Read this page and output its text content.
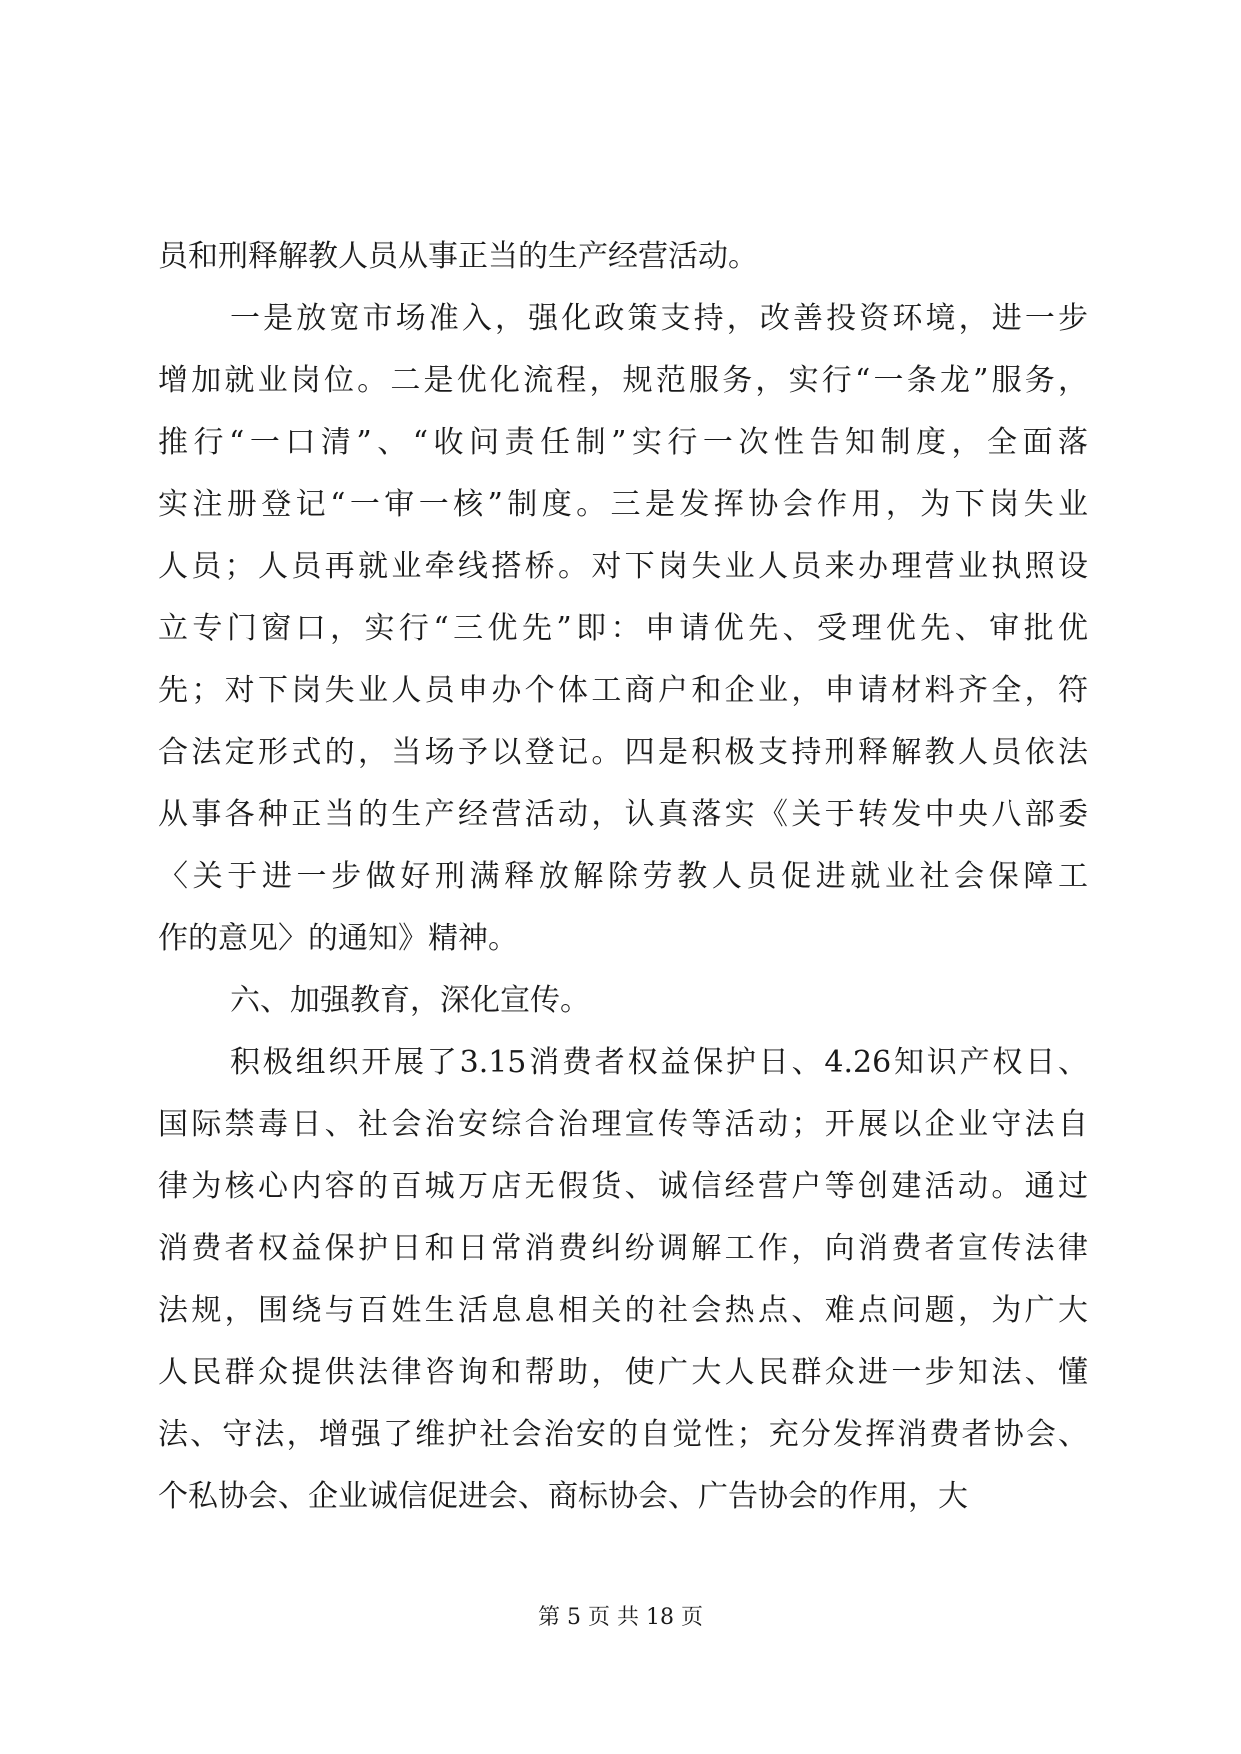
员和刑释解教人员从事正当的生产经营活动。
一是放宽市场准入，强化政策支持，改善投资环境，进一步
增加就业岗位。二是优化流程，规范服务，实行“一条龙”服务，
推行“一口清”、“收问责任制”实行一次性告知制度，全面落
实注册登记“一审一核”制度。三是发挥协会作用，为下岗失业
人员；人员再就业牵线搭桥。对下岗失业人员来办理营业执照设
立专门窗口，实行“三优先”即：申请优先、受理优先、审批优
先；对下岗失业人员申办个体工商户和企业，申请材料齐全，符
合法定形式的，当场予以登记。四是积极支持刑释解教人员依法
从事各种正当的生产经营活动，认真落实《关于转发中央八部委
〈关于进一步做好刑满释放解除劳教人员促进就业社会保障工
作的意见〉的通知》精神。
六、加强教育，深化宣传。
积极组织开展了3.15消费者权益保护日、4.26知识产权日、
国际禁毒日、社会治安综合治理宣传等活动；开展以企业守法自
律为核心内容的百城万店无假货、诚信经营户等创建活动。通过
消费者权益保护日和日常消费纠纷调解工作，向消费者宣传法律
法规，围绕与百姓生活息息相关的社会热点、难点问题，为广大
人民群众提供法律咨询和帮助，使广大人民群众进一步知法、懂
法、守法，增强了维护社会治安的自觉性；充分发挥消费者协会、
个私协会、企业诚信促进会、商标协会、广告协会的作用，大
第 5 页 共 18 页
